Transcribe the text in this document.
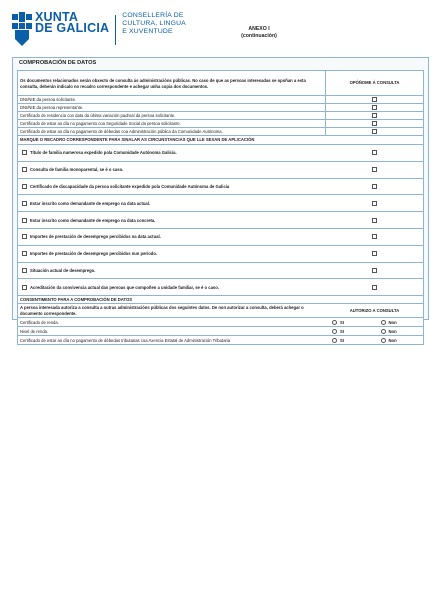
XUNTA
DE GALICIA
CONSELLERÍA DE
CULTURA, LINGUA
E XUVENTUDE	ANEXO I
(continuación)
COMPROBACIÓN DE DATOS
Os documentos relacionados serán obxecto de consulta ás administracións públicas. No caso de que as persoas interesadas se opoñan a esta consulta, deberán indicalo no recadro correspondente e achegar unha copia dos documentos.
OPÓÑOME Á CONSULTA
DNI/NIE da persoa solicitante.
DNI/NIE da persoa representante.
Certificado de residencia con data da última variación padroal da persoa solicitante.
Certificado de estar ao día no pagamento coa Seguridade Social da persoa solicitante.
Certificado de estar ao día no pagamento de débedas coa Administración pública da Comunidade Autónoma.
MARQUE O RECADRO CORRESPONDENTE PARA SINALAR AS CIRCUNSTANCIAS QUE LLE SEXAN DE APLICACIÓN
Título de familia numerosa expedido pola Comunidade Autónoma Galicia.
Consulta de familia monoparental, se é o caso.
Certificado de discapacidade da persoa solicitante expedido pola Comunidade Autónoma de Galicia
Estar inscrito como demandante de emprego na data actual.
Estar inscrito como demandante de emprego na data concreta.
Importes de prestación de desemprego percibidos na data actual.
Importes de prestación de desemprego percibidos nun período.
Situación actual de desemprego.
Acreditación da convivencia actual das persoas que compoñen a unidade familiar, se é o caso.
CONSENTIMENTO PARA A COMPROBACIÓN DE DATOS
A persoa interesada autoriza a consulta a outras administracións públicas dos seguintes datos. De non autorizar a consulta, deberá achegar o documento correspondente.
AUTORIZO A CONSULTA
Certificado de renda.	SI	Non
Nivel de renda.	SI	Non
Certificado de estar ao día no pagamento de débedas tributarias coa Axencia Estatal de Administración Tributaria	SI	Non
